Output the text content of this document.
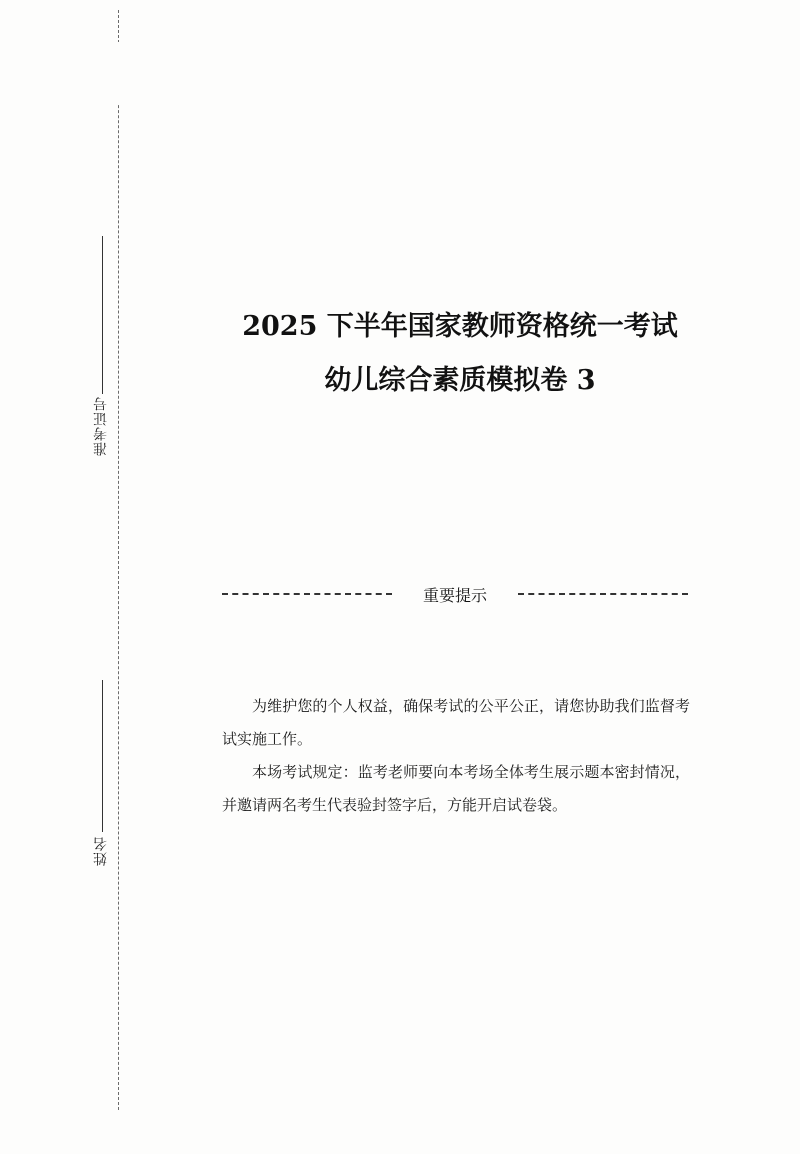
准考证号
姓名
2025 下半年国家教师资格统一考试
幼儿综合素质模拟卷 3
重要提示

为维护您的个人权益，确保考试的公平公正，请您协助我们监督考试实施工作。

本场考试规定：监考老师要向本考场全体考生展示题本密封情况，并邀请两名考生代表验封签字后，方能开启试卷袋。
